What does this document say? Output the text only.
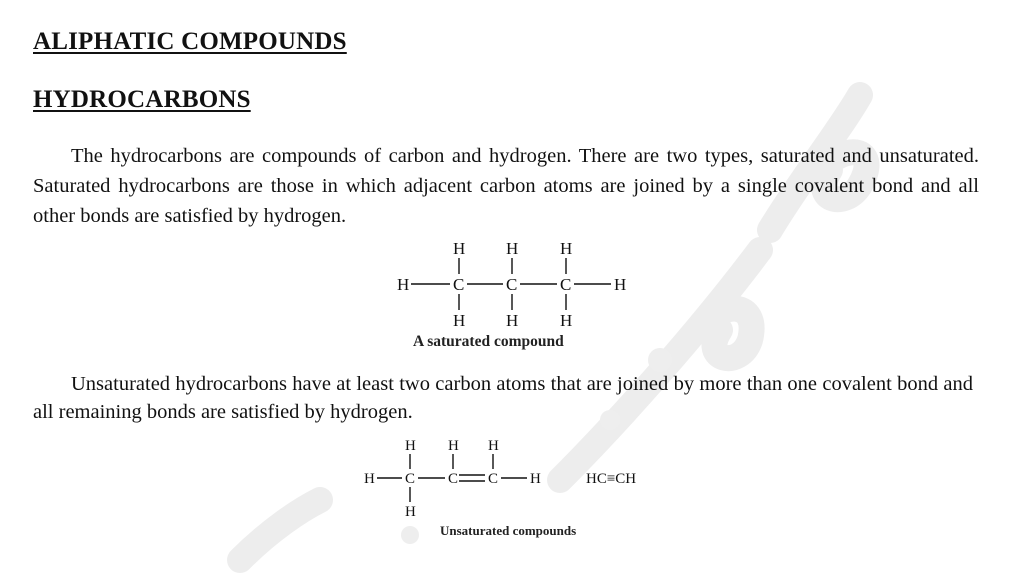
ALIPHATIC COMPOUNDS
HYDROCARBONS

The hydrocarbons are compounds of carbon and hydrogen. There are two types, saturated and unsaturated. Saturated hydrocarbons are those in which adjacent carbon atoms are joined by a single covalent bond and all other bonds are satisfied by hydrogen.

H H H
H	C C	C	H
H H H

A saturated compound

Unsaturated hydrocarbons have at least two carbon atoms that are joined by more than one covalent bond and all remaining bonds are satisfied by hydrogen.

H H H
H C C C H
H
HC≡CH

Unsaturated compounds
